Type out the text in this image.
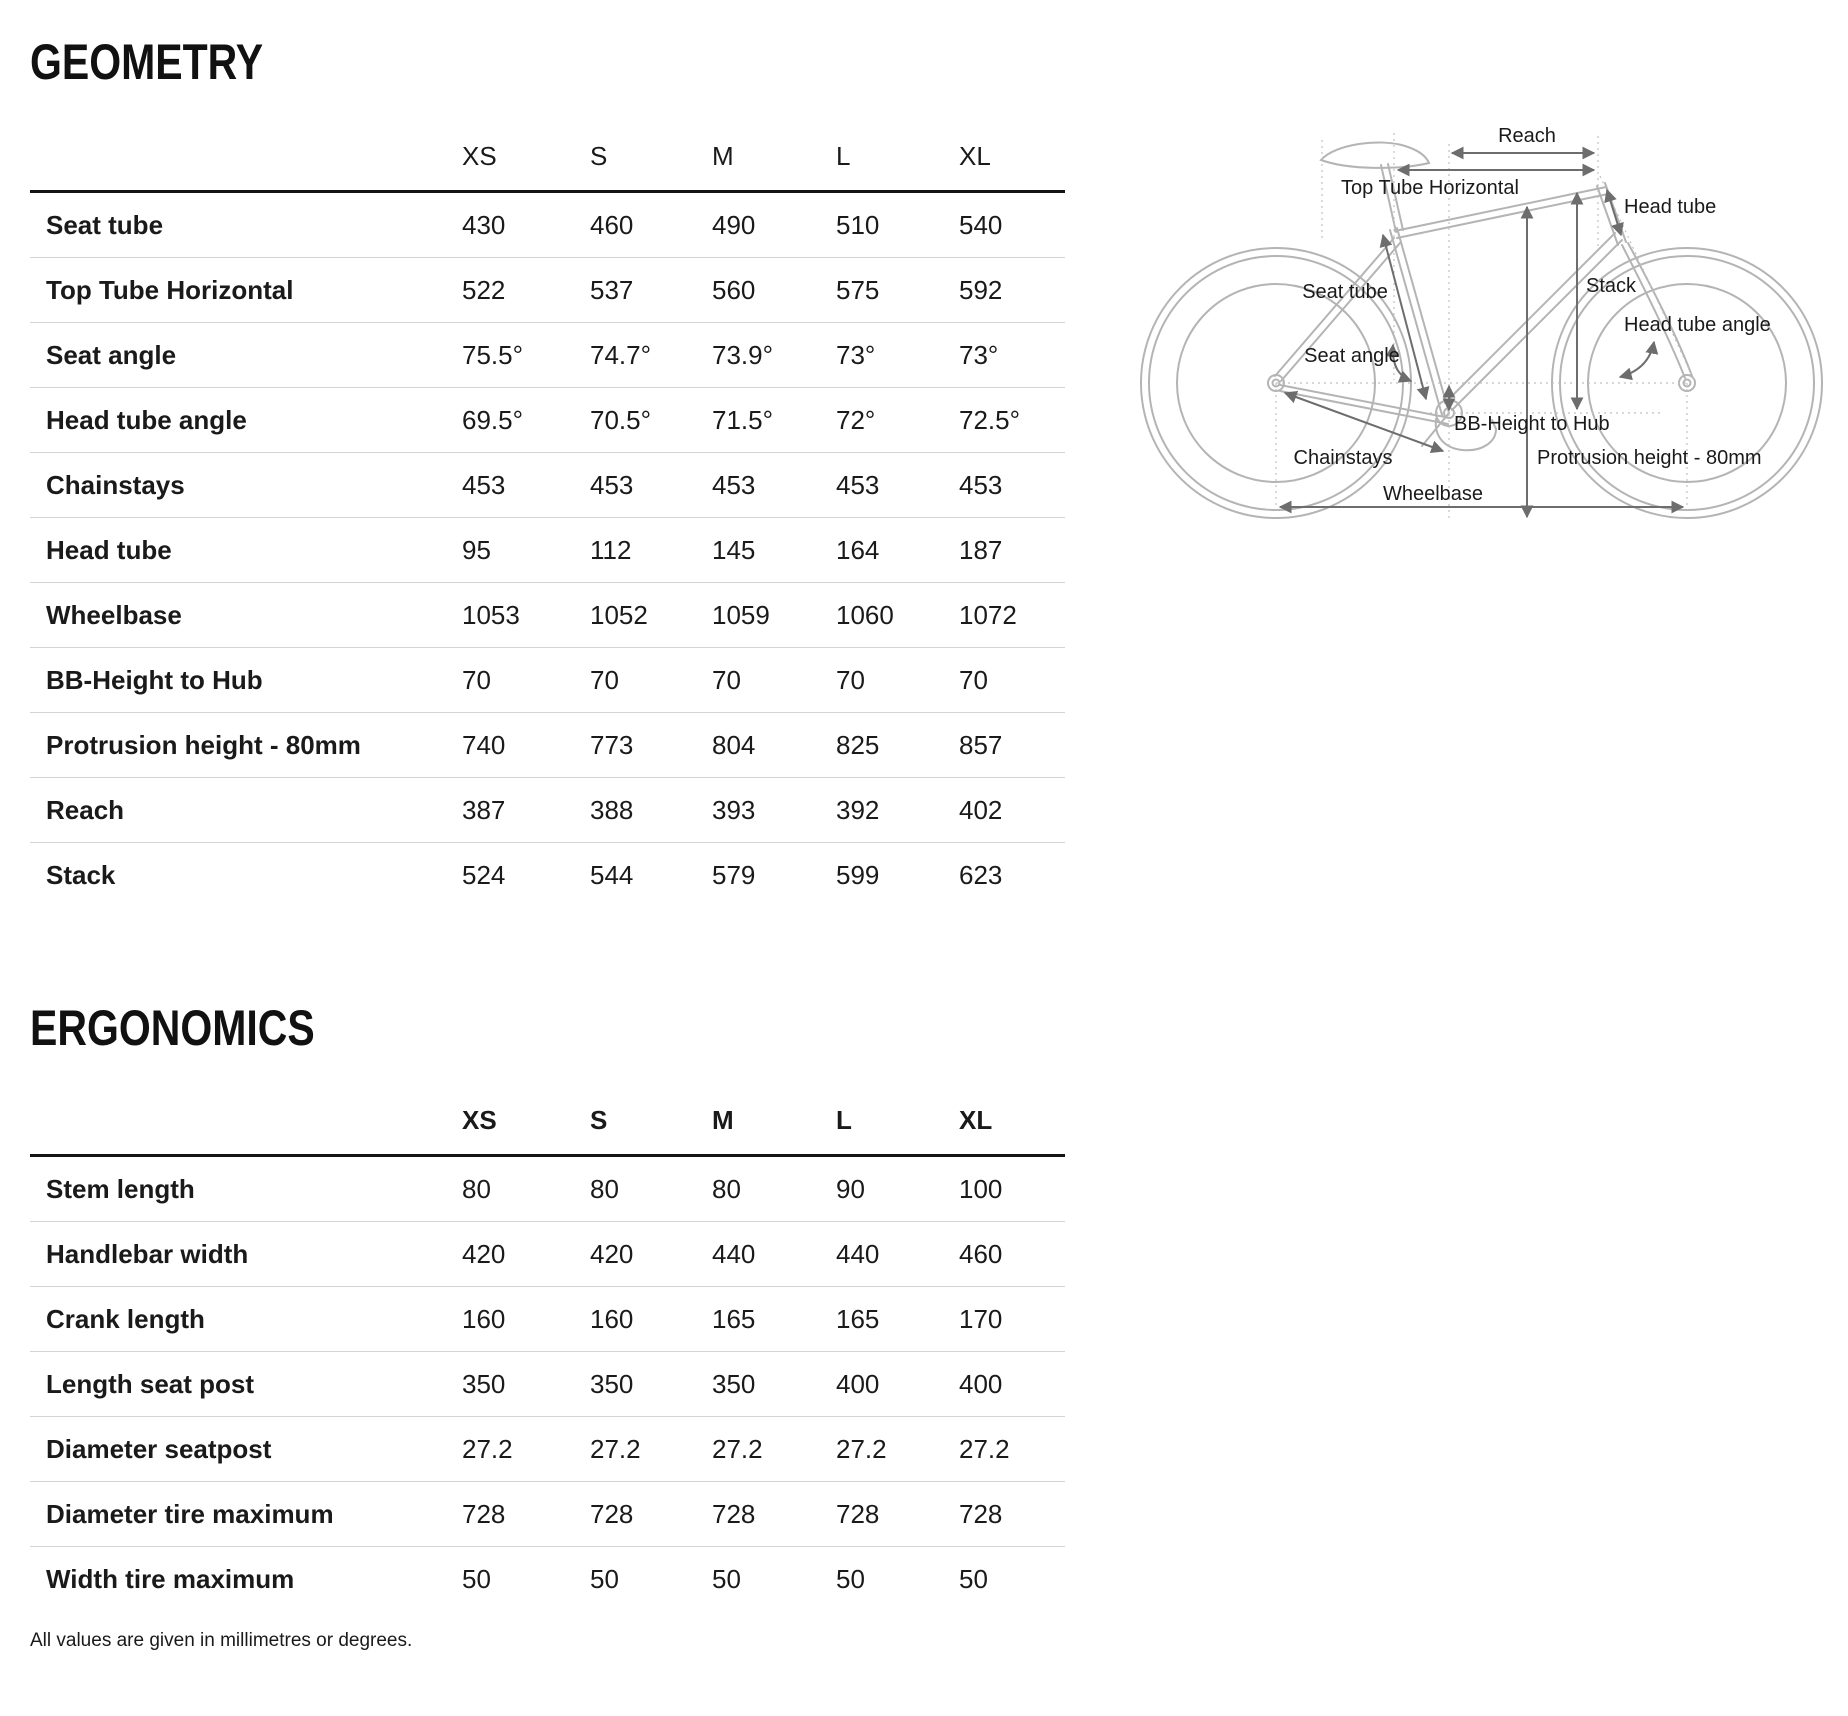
GEOMETRY
XS	S	M	L	XL
Seat tube	430	460	490	510	540
Top Tube Horizontal	522	537	560	575	592
Seat angle	75.5°	74.7°	73.9°	73°	73°
Head tube angle	69.5°	70.5°	71.5°	72°	72.5°
Chainstays	453	453	453	453	453
Head tube	95	112	145	164	187
Wheelbase	1053	1052	1059	1060	1072
BB-Height to Hub	70	70	70	70	70
Protrusion height - 80mm	740	773	804	825	857
Reach	387	388	393	392	402
Stack	524	544	579	599	623
ERGONOMICS
XS	S	M	L	XL
Stem length	80	80	80	90	100
Handlebar width	420	420	440	440	460
Crank length	160	160	165	165	170
Length seat post	350	350	350	400	400
Diameter seatpost	27.2	27.2	27.2	27.2	27.2
Diameter tire maximum	728	728	728	728	728
Width tire maximum	50	50	50	50	50

All values are given in millimetres or degrees.

Reach
Top Tube Horizontal
Head tube
Seat tube	Stack
Head tube angle
Seat angle
BB-Height to Hub
Chainstays	Protrusion height - 80mm
Wheelbase
